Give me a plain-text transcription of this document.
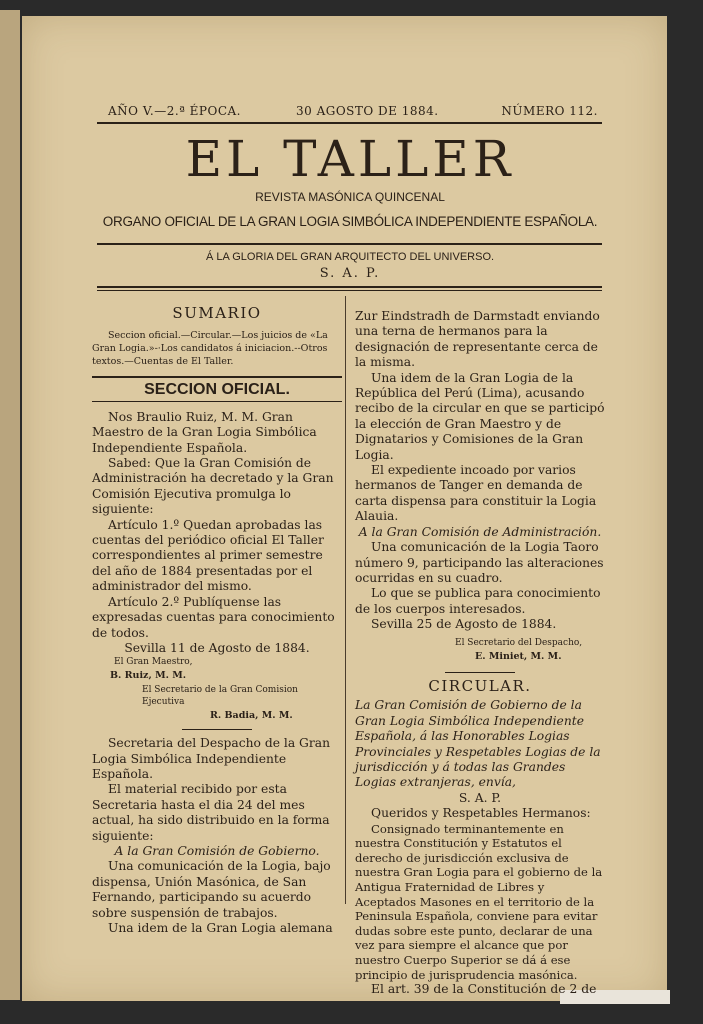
AÑO V.—2.ª ÉPOCA.	30 AGOSTO DE 1884.	NÚMERO 112.
EL TALLER
REVISTA MASÓNICA QUINCENAL
ORGANO OFICIAL DE LA GRAN LOGIA SIMBÓLICA INDEPENDIENTE ESPAÑOLA.
Á LA GLORIA DEL GRAN ARQUITECTO DEL UNIVERSO.
S. A. P.

SUMARIO

Seccion oficial.—Circular.—Los juicios de «La Gran Logia.»-·Los candidatos á iniciacion.--Otros textos.—Cuentas de El Taller.

SECCION OFICIAL.

Nos Braulio Ruiz, M. M. Gran Maestro de la Gran Logia Simbólica Independiente Española.

Sabed: Que la Gran Comisión de Administración ha decretado y la Gran Comisión Ejecutiva promulga lo siguiente:

Artículo 1.º Quedan aprobadas las cuentas del periódico oficial El Taller correspondientes al primer semestre del año de 1884 presentadas por el administrador del mismo.

Artículo 2.º Publíquense las expresadas cuentas para conocimiento de todos.

Sevilla 11 de Agosto de 1884.

El Gran Maestro,

B. Ruiz, M. M.

El Secretario de la Gran Comision Ejecutiva

R. Badia, M. M.

Secretaria del Despacho de la Gran Logia Simbólica Independiente Española.

El material recibido por esta Secretaria hasta el dia 24 del mes actual, ha sido distribuido en la forma siguiente:

A la Gran Comisión de Gobierno.

Una comunicación de la Logia, bajo dispensa, Unión Masónica, de San Fernando, participando su acuerdo sobre suspensión de trabajos.

Una idem de la Gran Logia alemana

Zur Eindstradh de Darmstadt enviando una terna de hermanos para la designación de representante cerca de la misma.

Una idem de la Gran Logia de la República del Perú (Lima), acusando recibo de la circular en que se participó la elección de Gran Maestro y de Dignatarios y Comisiones de la Gran Logia.

El expediente incoado por varios hermanos de Tanger en demanda de carta dispensa para constituir la Logia Alauia.

A la Gran Comisión de Administración.

Una comunicación de la Logia Taoro número 9, participando las alteraciones ocurridas en su cuadro.

Lo que se publica para conocimiento de los cuerpos interesados.

Sevilla 25 de Agosto de 1884.

El Secretario del Despacho,

E. Miniet, M. M.

CIRCULAR.

La Gran Comisión de Gobierno de la Gran Logia Simbólica Independiente Española, á las Honorables Logias Provinciales y Respetables Logias de la jurisdicción y á todas las Grandes Logias extranjeras, envía,

S. A. P.

Queridos y Respetables Hermanos:

Consignado terminantemente en nuestra Constitución y Estatutos el derecho de jurisdicción exclusiva de nuestra Gran Logia para el gobierno de la Antigua Fraternidad de Libres y Aceptados Masones en el territorio de la Peninsula Española, conviene para evitar dudas sobre este punto, declarar de una vez para siempre el alcance que por nuestro Cuerpo Superior se dá á ese principio de jurisprudencia masónica.

El art. 39 de la Constitución de 2 de
